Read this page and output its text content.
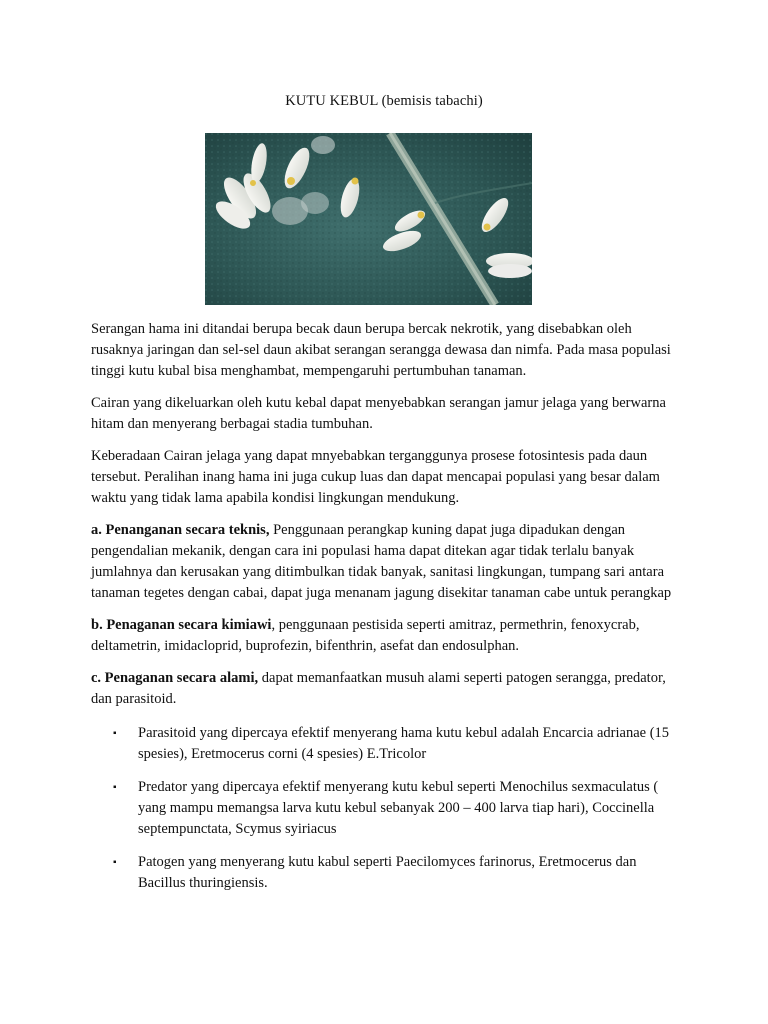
KUTU KEBUL (bemisis tabachi)

Serangan hama ini ditandai berupa becak daun berupa bercak nekrotik, yang disebabkan oleh rusaknya jaringan dan sel-sel daun akibat serangan serangga dewasa dan nimfa. Pada masa populasi tinggi kutu kubal bisa menghambat, mempengaruhi pertumbuhan tanaman.

Cairan yang dikeluarkan oleh kutu kebal dapat menyebabkan serangan jamur jelaga yang berwarna hitam dan menyerang berbagai stadia tumbuhan.

Keberadaan Cairan jelaga yang dapat mnyebabkan terganggunya prosese fotosintesis pada daun tersebut. Peralihan inang hama ini juga cukup luas dan dapat mencapai populasi yang besar dalam waktu yang tidak lama apabila kondisi lingkungan mendukung.

a. Penanganan secara teknis, Penggunaan perangkap kuning dapat juga dipadukan dengan pengendalian mekanik, dengan cara ini populasi hama dapat ditekan agar tidak terlalu banyak jumlahnya dan kerusakan yang ditimbulkan tidak banyak, sanitasi lingkungan, tumpang sari antara tanaman tegetes dengan cabai, dapat juga menanam jagung disekitar tanaman cabe untuk perangkap

b. Penaganan secara kimiawi, penggunaan pestisida seperti amitraz, permethrin, fenoxycrab, deltametrin, imidacloprid, buprofezin, bifenthrin, asefat dan endosulphan.

c. Penaganan secara alami, dapat memanfaatkan musuh alami seperti patogen serangga, predator, dan parasitoid.

▪ Parasitoid yang dipercaya efektif menyerang hama kutu kebul adalah Encarcia adrianae (15 spesies), Eretmocerus corni (4 spesies) E.Tricolor
▪ Predator yang dipercaya efektif menyerang kutu kebul seperti Menochilus sexmaculatus ( yang mampu memangsa larva kutu kebul sebanyak 200 – 400 larva tiap hari), Coccinella septempunctata, Scymus syiriacus
▪ Patogen yang menyerang kutu kabul seperti Paecilomyces farinorus, Eretmocerus dan Bacillus thuringiensis.
